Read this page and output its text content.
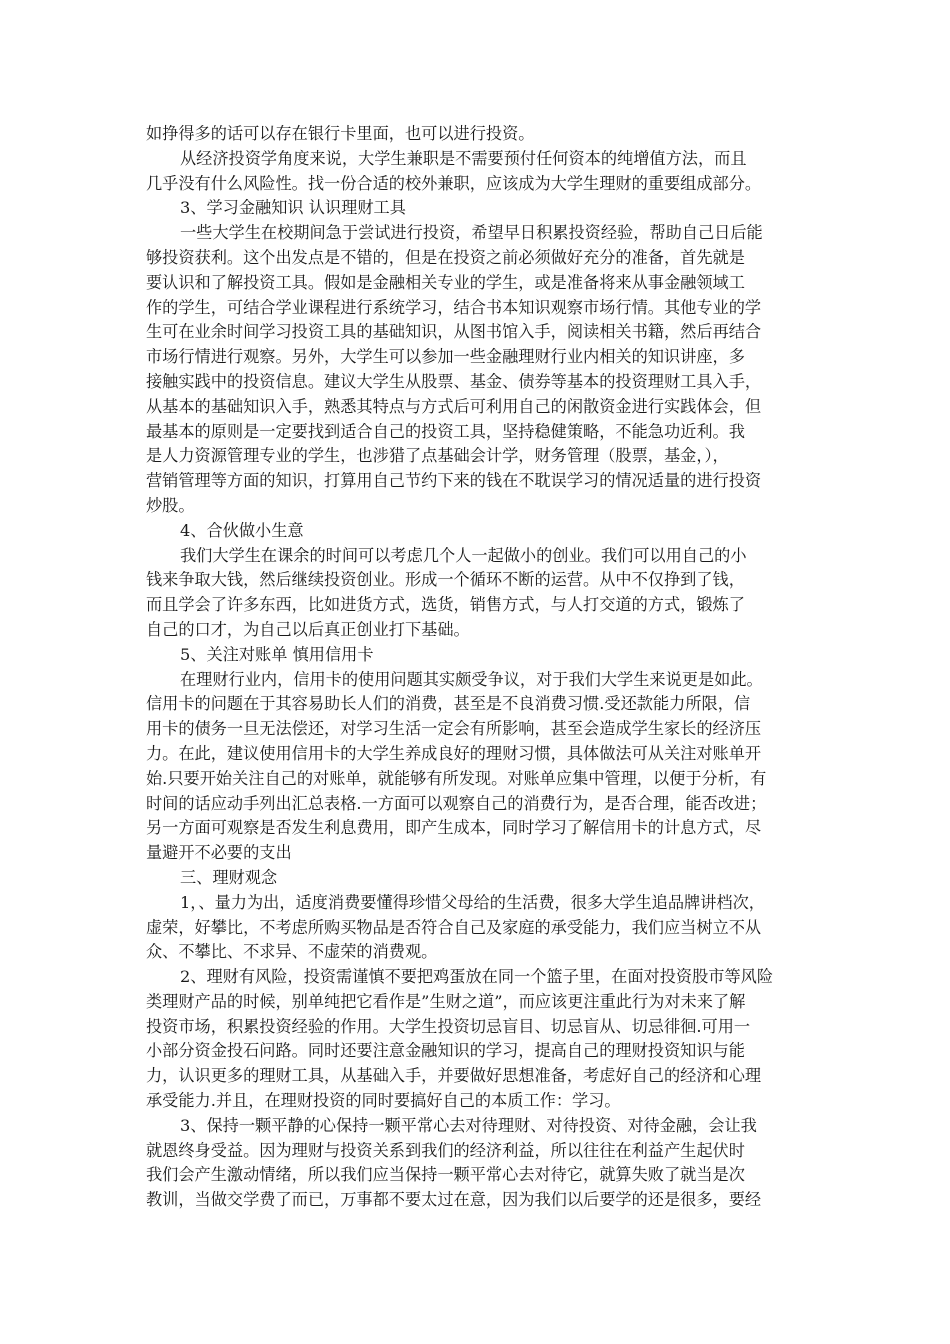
如挣得多的话可以存在银行卡里面，也可以进行投资。
从经济投资学角度来说，大学生兼职是不需要预付任何资本的纯增值方法，而且
几乎没有什么风险性。找一份合适的校外兼职，应该成为大学生理财的重要组成部分。
3、学习金融知识 认识理财工具
一些大学生在校期间急于尝试进行投资，希望早日积累投资经验，帮助自己日后能
够投资获利。这个出发点是不错的，但是在投资之前必须做好充分的准备，首先就是
要认识和了解投资工具。假如是金融相关专业的学生，或是准备将来从事金融领域工
作的学生，可结合学业课程进行系统学习，结合书本知识观察市场行情。其他专业的学
生可在业余时间学习投资工具的基础知识，从图书馆入手，阅读相关书籍，然后再结合
市场行情进行观察。另外，大学生可以参加一些金融理财行业内相关的知识讲座，多
接触实践中的投资信息。建议大学生从股票、基金、债券等基本的投资理财工具入手，
从基本的基础知识入手，熟悉其特点与方式后可利用自己的闲散资金进行实践体会，但
最基本的原则是一定要找到适合自己的投资工具，坚持稳健策略，不能急功近利。我
是人力资源管理专业的学生，也涉猎了点基础会计学，财务管理（股票，基金，），
营销管理等方面的知识，打算用自己节约下来的钱在不耽误学习的情况适量的进行投资
炒股。
4、合伙做小生意
我们大学生在课余的时间可以考虑几个人一起做小的创业。我们可以用自己的小
钱来争取大钱，然后继续投资创业。形成一个循环不断的运营。从中不仅挣到了钱，
而且学会了许多东西，比如进货方式，选货，销售方式，与人打交道的方式，锻炼了
自己的口才，为自己以后真正创业打下基础。
5、关注对账单 慎用信用卡
在理财行业内，信用卡的使用问题其实颇受争议，对于我们大学生来说更是如此。
信用卡的问题在于其容易助长人们的消费，甚至是不良消费习惯.受还款能力所限，信
用卡的债务一旦无法偿还，对学习生活一定会有所影响，甚至会造成学生家长的经济压
力。在此，建议使用信用卡的大学生养成良好的理财习惯，具体做法可从关注对账单开
始.只要开始关注自己的对账单，就能够有所发现。对账单应集中管理，以便于分析，有
时间的话应动手列出汇总表格.一方面可以观察自己的消费行为，是否合理，能否改进；
另一方面可观察是否发生利息费用，即产生成本，同时学习了解信用卡的计息方式，尽
量避开不必要的支出
三、理财观念
1，、量力为出，适度消费要懂得珍惜父母给的生活费，很多大学生追品牌讲档次，
虚荣，好攀比，不考虑所购买物品是否符合自己及家庭的承受能力，我们应当树立不从
众、不攀比、不求异、不虚荣的消费观。
2、理财有风险，投资需谨慎不要把鸡蛋放在同一个篮子里，在面对投资股市等风险
类理财产品的时候，别单纯把它看作是”生财之道”，而应该更注重此行为对未来了解
投资市场，积累投资经验的作用。大学生投资切忌盲目、切忌盲从、切忌徘徊.可用一
小部分资金投石问路。同时还要注意金融知识的学习，提高自己的理财投资知识与能
力，认识更多的理财工具，从基础入手，并要做好思想准备，考虑好自己的经济和心理
承受能力.并且，在理财投资的同时要搞好自己的本质工作：学习。
3、保持一颗平静的心保持一颗平常心去对待理财、对待投资、对待金融，会让我
就恩终身受益。因为理财与投资关系到我们的经济利益，所以往往在利益产生起伏时
我们会产生激动情绪，所以我们应当保持一颗平常心去对待它，就算失败了就当是次
教训，当做交学费了而已，万事都不要太过在意，因为我们以后要学的还是很多，要经
